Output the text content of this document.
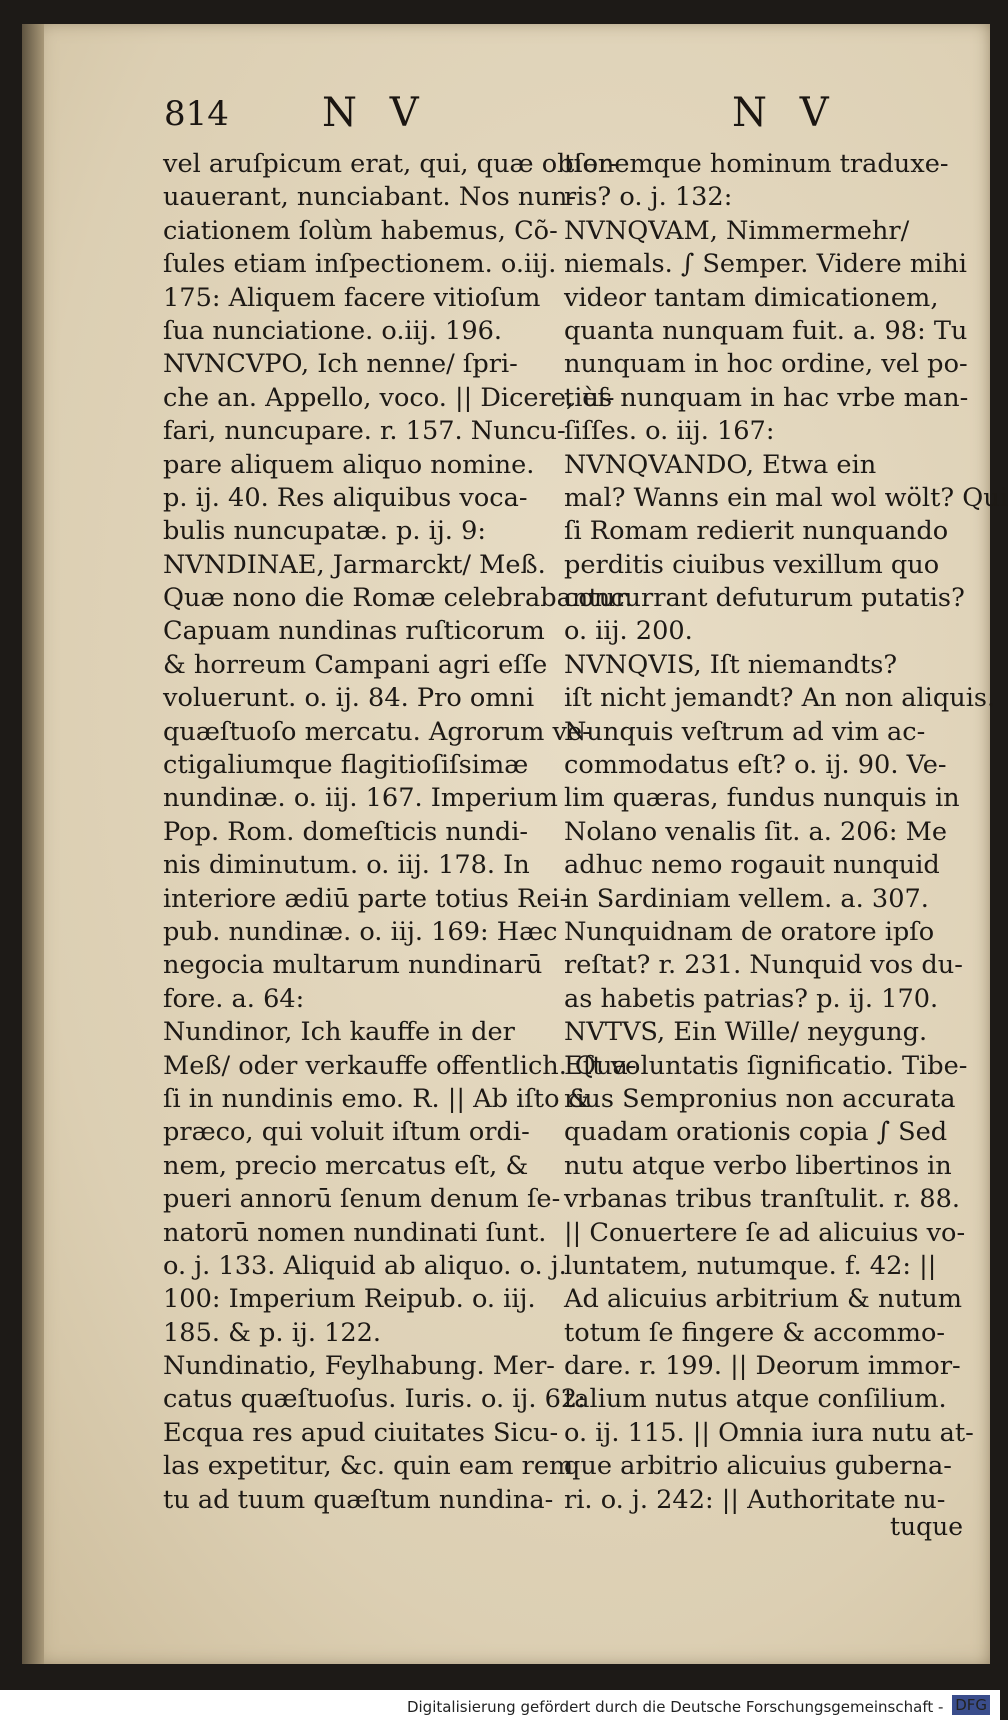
814 N V	N V
vel aruſpicum erat, qui, quæ obſer-
uauerant, nunciabant. Nos nun-
ciationem ſolùm habemus, Cõ-
ſules etiam inſpectionem. o.iij.
175: Aliquem facere vitioſum
ſua nunciatione. o.iij. 196.
NVNCVPO, Ich nenne/ ſpri-
che an. Appello, voco. || Dicere, ef-
fari, nuncupare. r. 157. Nuncu-
pare aliquem aliquo nomine.
p. ij. 40. Res aliquibus voca-
bulis nuncupatæ. p. ij. 9:
NVNDINAE, Jarmarckt/ Meß.
Quæ nono die Romæ celebrabantur.
Capuam nundinas ruſticorum
& horreum Campani agri eſſe
voluerunt. o. ij. 84. Pro omni
quæſtuoſo mercatu. Agrorum ve-
ctigaliumque flagitioſiſsimæ
nundinæ. o. iij. 167. Imperium
Pop. Rom. domeſticis nundi-
nis diminutum. o. iij. 178. In
interiore ædiū parte totius Rei-
pub. nundinæ. o. iij. 169: Hæc
negocia multarum nundinarū
fore. a. 64:
Nundinor, Ich kauffe in der
Meß/ oder verkauffe offentlich. Qua-
ſi in nundinis emo. R. || Ab iſto &
præco, qui voluit iſtum ordi-
nem, precio mercatus eſt, &
pueri annorū ſenum denum ſe-
natorū nomen nundinati ſunt.
o. j. 133. Aliquid ab aliquo. o. j.
100: Imperium Reipub. o. iij.
185. & p. ij. 122.
Nundinatio, Feylhabung. Mer-
catus quæſtuoſus. Iuris. o. ij. 62:
Ecqua res apud ciuitates Sicu-
las expetitur, &c. quin eam rem
tu ad tuum quæſtum nundina-
tionemque hominum traduxe-
ris? o. j. 132:
NVNQVAM, Nimmermehr/
niemals. ∫ Semper. Videre mihi
videor tantam dimicationem,
quanta nunquam fuit. a. 98: Tu
nunquam in hoc ordine, vel po-
tiùs nunquam in hac vrbe man-
ſiſſes. o. iij. 167:
NVNQVANDO, Etwa ein
mal? Wanns ein mal wol wölt? Qui
ſi Romam redierit nunquando
perditis ciuibus vexillum quo
concurrant defuturum putatis?
o. iij. 200.
NVNQVIS, Iſt niemandts?
iſt nicht jemandt? An non aliquis.
Nunquis veſtrum ad vim ac-
commodatus eſt? o. ij. 90. Ve-
lim quæras, fundus nunquis in
Nolano venalis ſit. a. 206: Me
adhuc nemo rogauit nunquid
in Sardiniam vellem. a. 307.
Nunquidnam de oratore ipſo
reſtat? r. 231. Nunquid vos du-
as habetis patrias? p. ij. 170.
NVTVS, Ein Wille/ neygung.
Eſt voluntatis ſignificatio. Tibe-
rius Sempronius non accurata
quadam orationis copia ∫ Sed
nutu atque verbo libertinos in
vrbanas tribus tranſtulit. r. 88.
|| Conuertere ſe ad alicuius vo-
luntatem, nutumque. f. 42: ||
Ad alicuius arbitrium & nutum
totum ſe fingere & accommo-
dare. r. 199. || Deorum immor-
talium nutus atque conſilium.
o. ij. 115. || Omnia iura nutu at-
que arbitrio alicuius guberna-
ri. o. j. 242: || Authoritate nu-
tuque
Digitalisierung gefördert durch die Deutsche Forschungsgemeinschaft - DFG
